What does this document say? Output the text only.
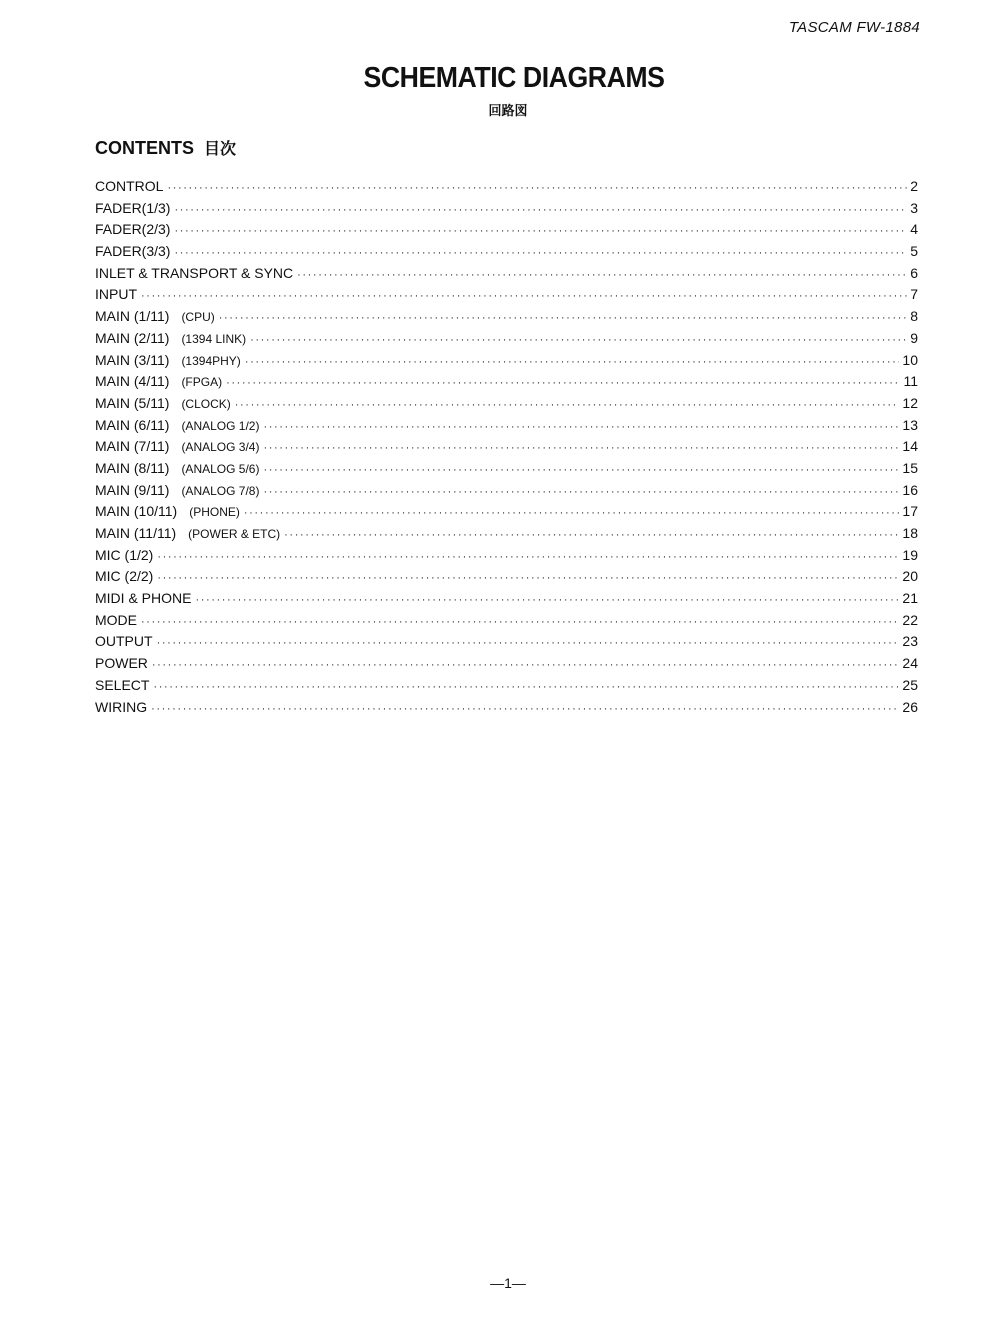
TASCAM FW-1884
SCHEMATIC DIAGRAMS
回路図
CONTENTS 目次
CONTROL ·····	2
FADER(1/3) ·····	3
FADER(2/3) ·····	4
FADER(3/3) ·····	5
INLET & TRANSPORT & SYNC ·····	6
INPUT ·····	7
MAIN (1/11) (CPU) ·····	8
MAIN (2/11) (1394 LINK) ·····	9
MAIN (3/11) (1394PHY) ·····	10
MAIN (4/11) (FPGA) ·····	11
MAIN (5/11) (CLOCK) ·····	12
MAIN (6/11) (ANALOG 1/2) ·····	13
MAIN (7/11) (ANALOG 3/4) ·····	14
MAIN (8/11) (ANALOG 5/6) ·····	15
MAIN (9/11) (ANALOG 7/8) ·····	16
MAIN (10/11) (PHONE) ·····	17
MAIN (11/11) (POWER & ETC) ·····	18
MIC (1/2) ·····	19
MIC (2/2) ·····	20
MIDI & PHONE ·····	21
MODE ·····	22
OUTPUT ·····	23
POWER ·····	24
SELECT ·····	25
WIRING ·····	26
—1—
